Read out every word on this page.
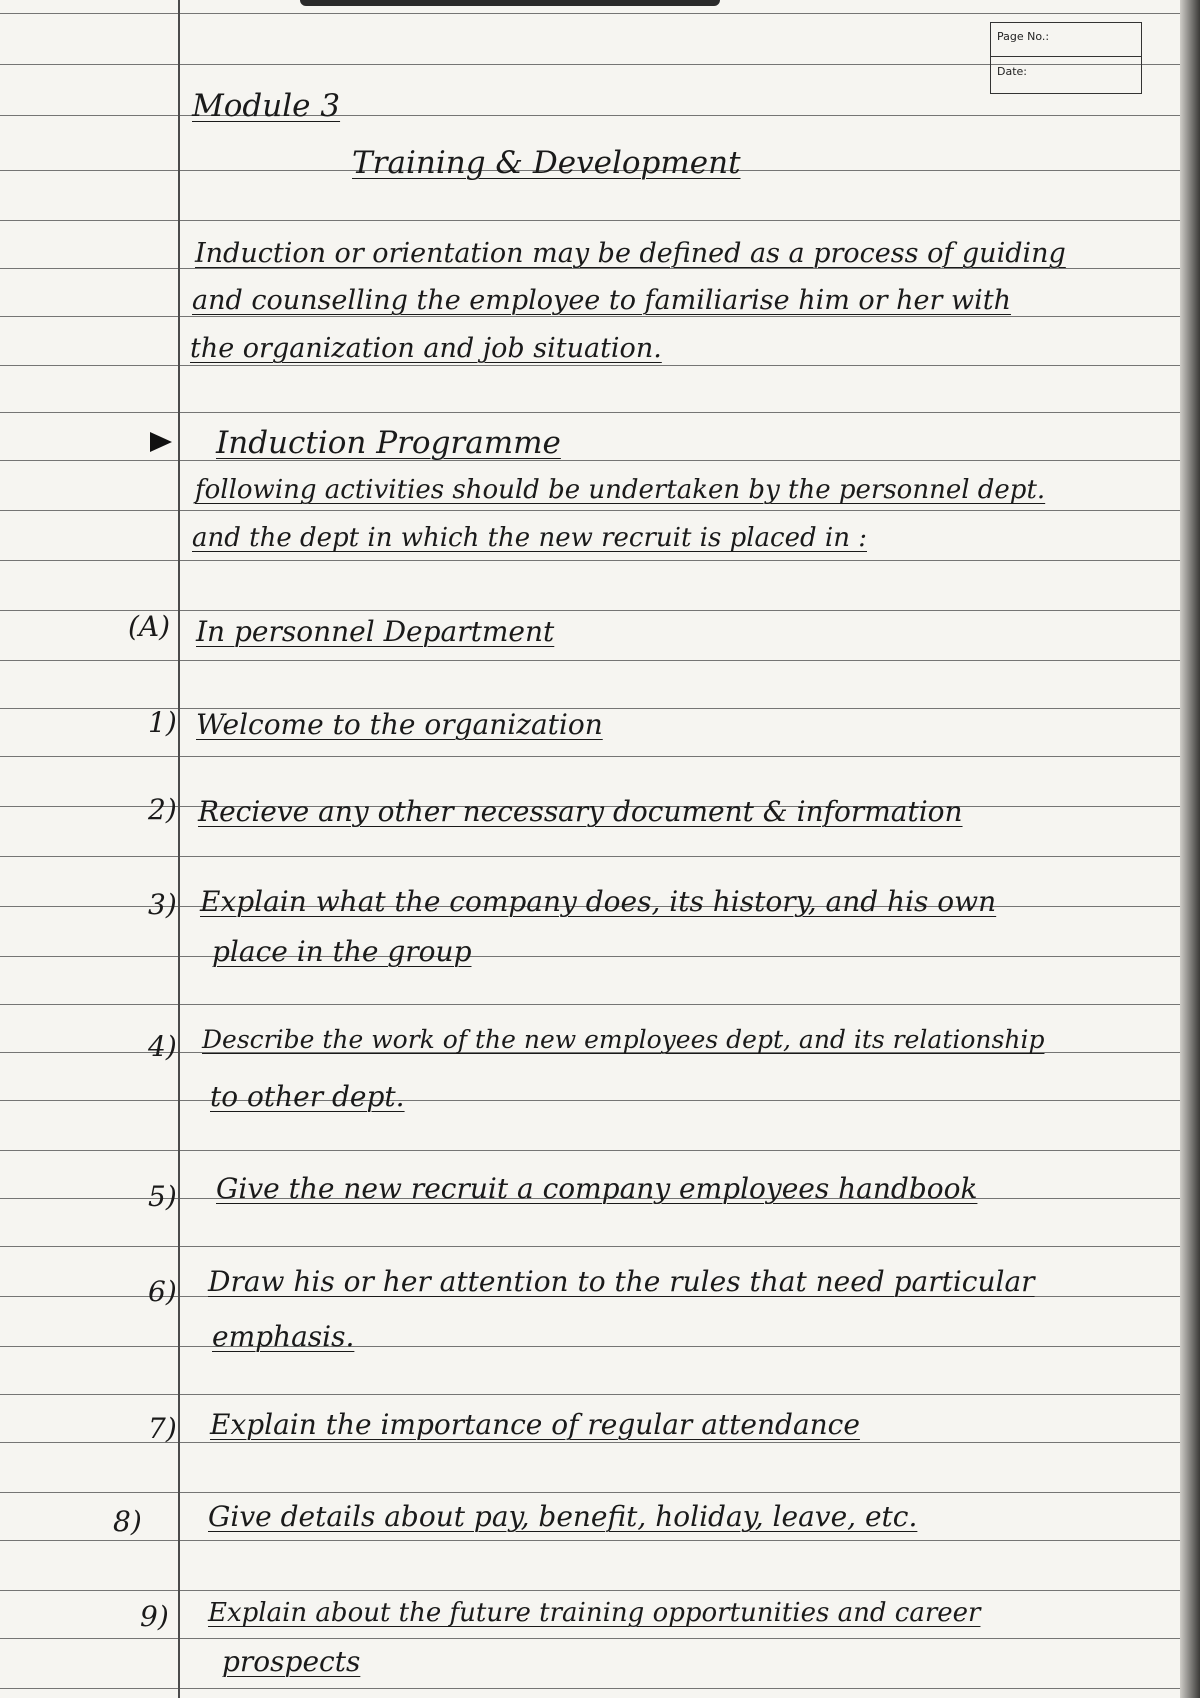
Page No.:
Date:
Module 3
Training & Development
Induction or orientation may be defined as a process of guiding
and counselling the employee to familiarise him or her with
the organization and job situation.
Induction Programme
following activities should be undertaken by the personnel dept.
and the dept in which the new recruit is placed in :
(A) In personnel Department
1) Welcome to the organization
2) Recieve any other necessary document & information
3) Explain what the company does, its history, and his own
place in the group
4) Describe the work of the new employees dept, and its relationship
to other dept.
5) Give the new recruit a company employees handbook
6) Draw his or her attention to the rules that need particular
emphasis.
7) Explain the importance of regular attendance
8) Give details about pay, benefit, holiday, leave, etc.
9) Explain about the future training opportunities and career
prospects
